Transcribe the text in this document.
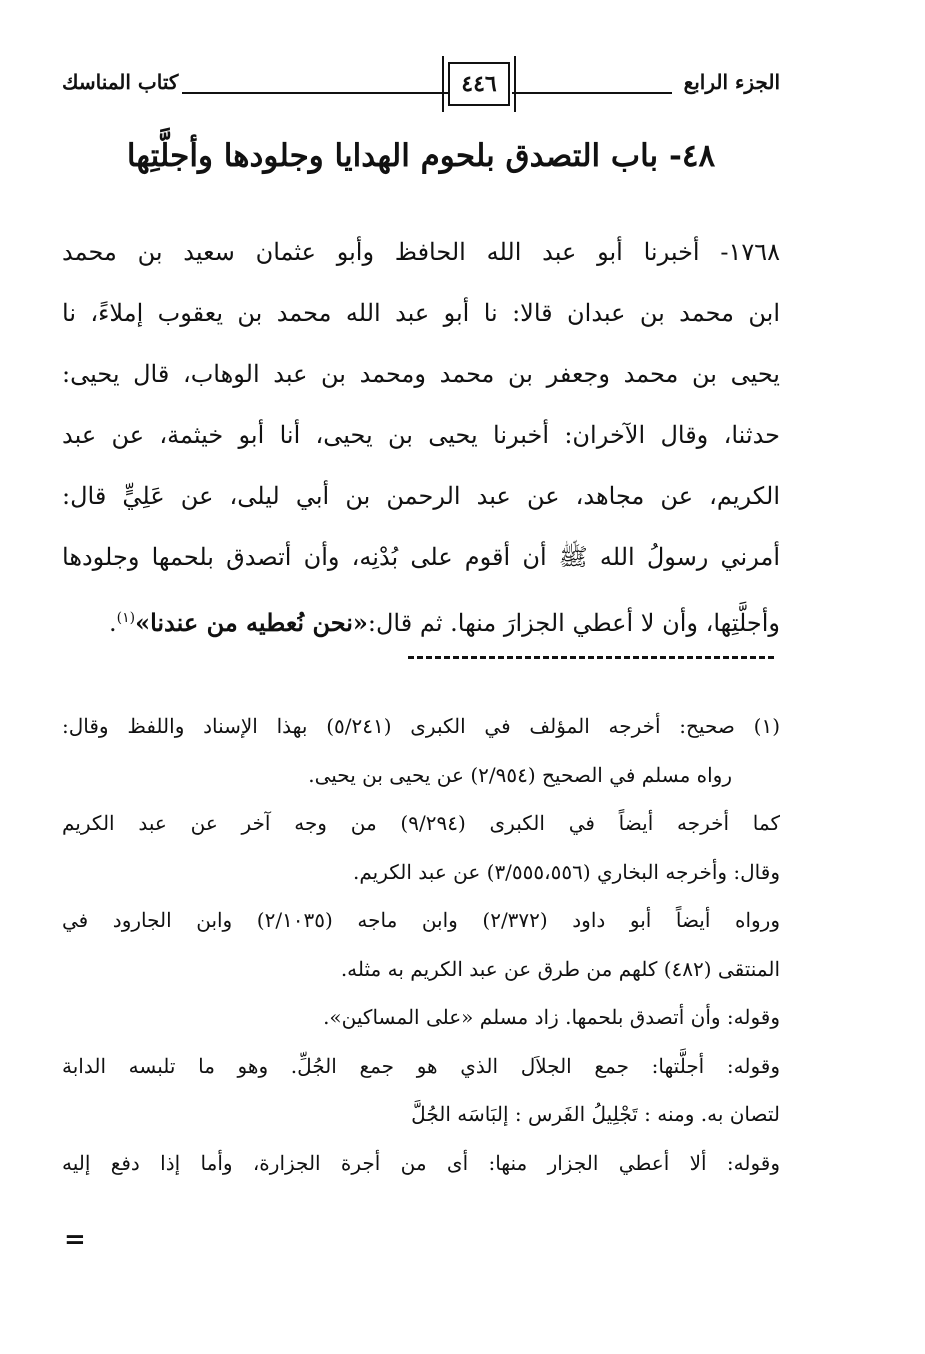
كتاب المناسك	٤٤٦	الجزء الرابع
٤٨- باب التصدق بلحوم الهدايا وجلودها وأجلَّتِها
١٧٦٨- أخبرنا أبو عبد الله الحافظ وأبو عثمان سعيد بن محمد
ابن محمد بن عبدان قالا: نا أبو عبد الله محمد بن يعقوب إملاءً، نا
يحيى بن محمد وجعفر بن محمد ومحمد بن عبد الوهاب، قال يحيى:
حدثنا، وقال الآخران: أخبرنا يحيى بن يحيى، أنا أبو خيثمة، عن عبد
الكريم، عن مجاهد، عن عبد الرحمن بن أبي ليلى، عن عَلِيٍّ قال:
أمرني رسولُ الله ﷺ أن أقوم على بُدْنِه، وأن أتصدق بلحمها وجلودها
وأجلَّتِها، وأن لا أعطي الجزارَ منها. ثم قال:«نحن نُعطيه من عندنا»$^{(١)}$.
(١) صحيح: أخرجه المؤلف في الكبرى (٥/٢٤١) بهذا الإسناد واللفظ وقال:
رواه مسلم في الصحيح (٢/٩٥٤) عن يحيى بن يحيى.
كما أخرجه أيضاً في الكبرى (٩/٢٩٤) من وجه آخر عن عبد الكريم
وقال: وأخرجه البخاري (٣/٥٥٥،٥٥٦) عن عبد الكريم.
ورواه أيضاً أبو داود (٢/٣٧٢) وابن ماجه (٢/١٠٣٥) وابن الجارود في
المنتقى (٤٨٢) كلهم من طرق عن عبد الكريم به مثله.
وقوله: وأن أتصدق بلحمها. زاد مسلم «على المساكين».
وقوله: أجلَّتها: جمع الجلاَل الذي هو جمع الجُلِّ. وهو ما تلبسه الدابة
لتصان به. ومنه : تَجْلِيلُ الفَرس : إلبَاسَه الجُلَّ
وقوله: ألا أعطي الجزار منها: أى من أجرة الجزارة، وأما إذا دفع إليه
=
